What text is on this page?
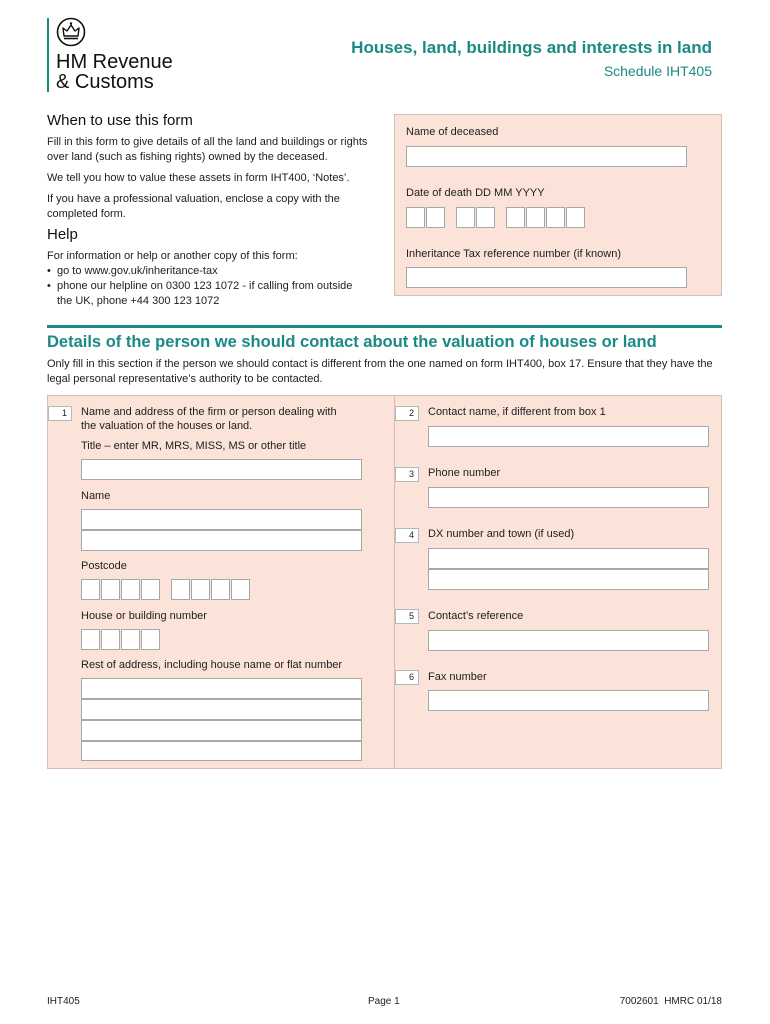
HM Revenue
& Customs
Houses, land, buildings and interests in land
Schedule IHT405
When to use this form
Fill in this form to give details of all the land and buildings or rights over land (such as fishing rights) owned by the deceased.
We tell you how to value these assets in form IHT400, ‘Notes’.
If you have a professional valuation, enclose a copy with the completed form.
Help
For information or help or another copy of this form:
• go to www.gov.uk/inheritance-tax
• phone our helpline on 0300 123 1072 - if calling from outside the UK, phone +44 300 123 1072
Name of deceased
Date of death DD MM YYYY
Inheritance Tax reference number (if known)
Details of the person we should contact about the valuation of houses or land
Only fill in this section if the person we should contact is different from the one named on form IHT400, box 17. Ensure that they have the legal personal representative’s authority to be contacted.
1	Name and address of the firm or person dealing with the valuation of the houses or land.
Title – enter MR, MRS, MISS, MS or other title
Name
Postcode
House or building number
Rest of address, including house name or flat number
2	Contact name, if different from box 1
3	Phone number
4	DX number and town (if used)
5	Contact’s reference
6	Fax number
IHT405	Page 1	7002601  HMRC 01/18
